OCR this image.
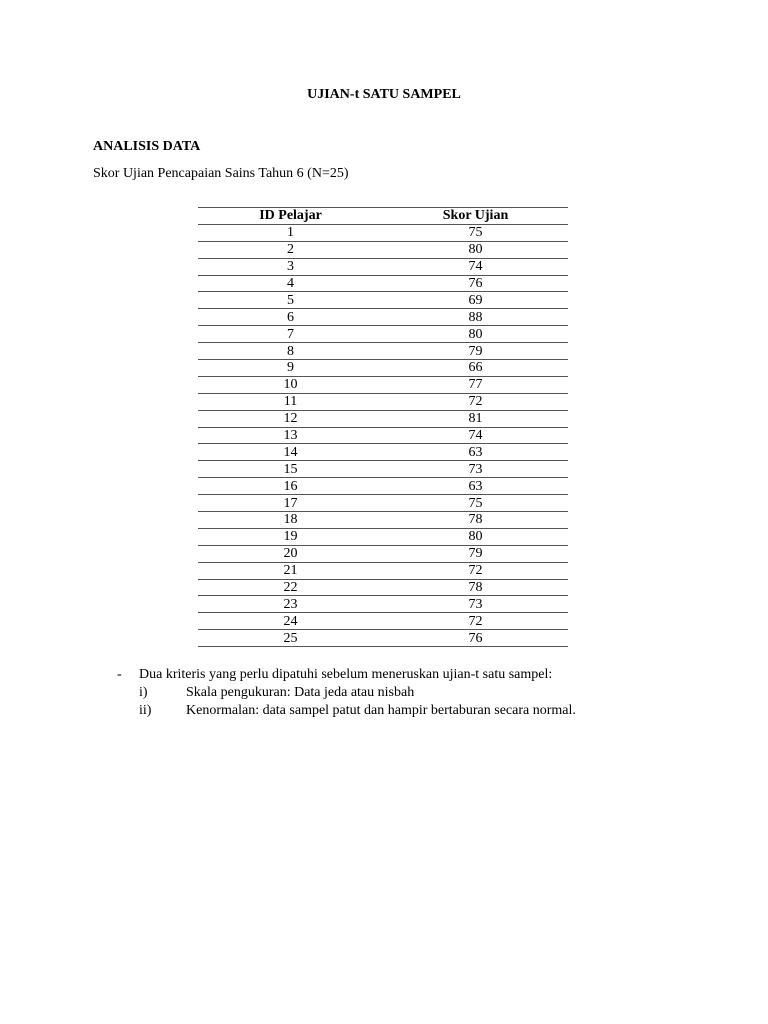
UJIAN-t SATU SAMPEL
ANALISIS DATA

Skor Ujian Pencapaian Sains Tahun 6 (N=25)

ID Pelajar	Skor Ujian
1	75
2	80
3	74
4	76
5	69
6	88
7	80
8	79
9	66
10	77
11	72
12	81
13	74
14	63
15	73
16	63
17	75
18	78
19	80
20	79
21	72
22	78
23	73
24	72
25	76
- Dua kriteris yang perlu dipatuhi sebelum meneruskan ujian-t satu sampel:
i)	Skala pengukuran: Data jeda atau nisbah
ii) Kenormalan: data sampel patut dan hampir bertaburan secara normal.
